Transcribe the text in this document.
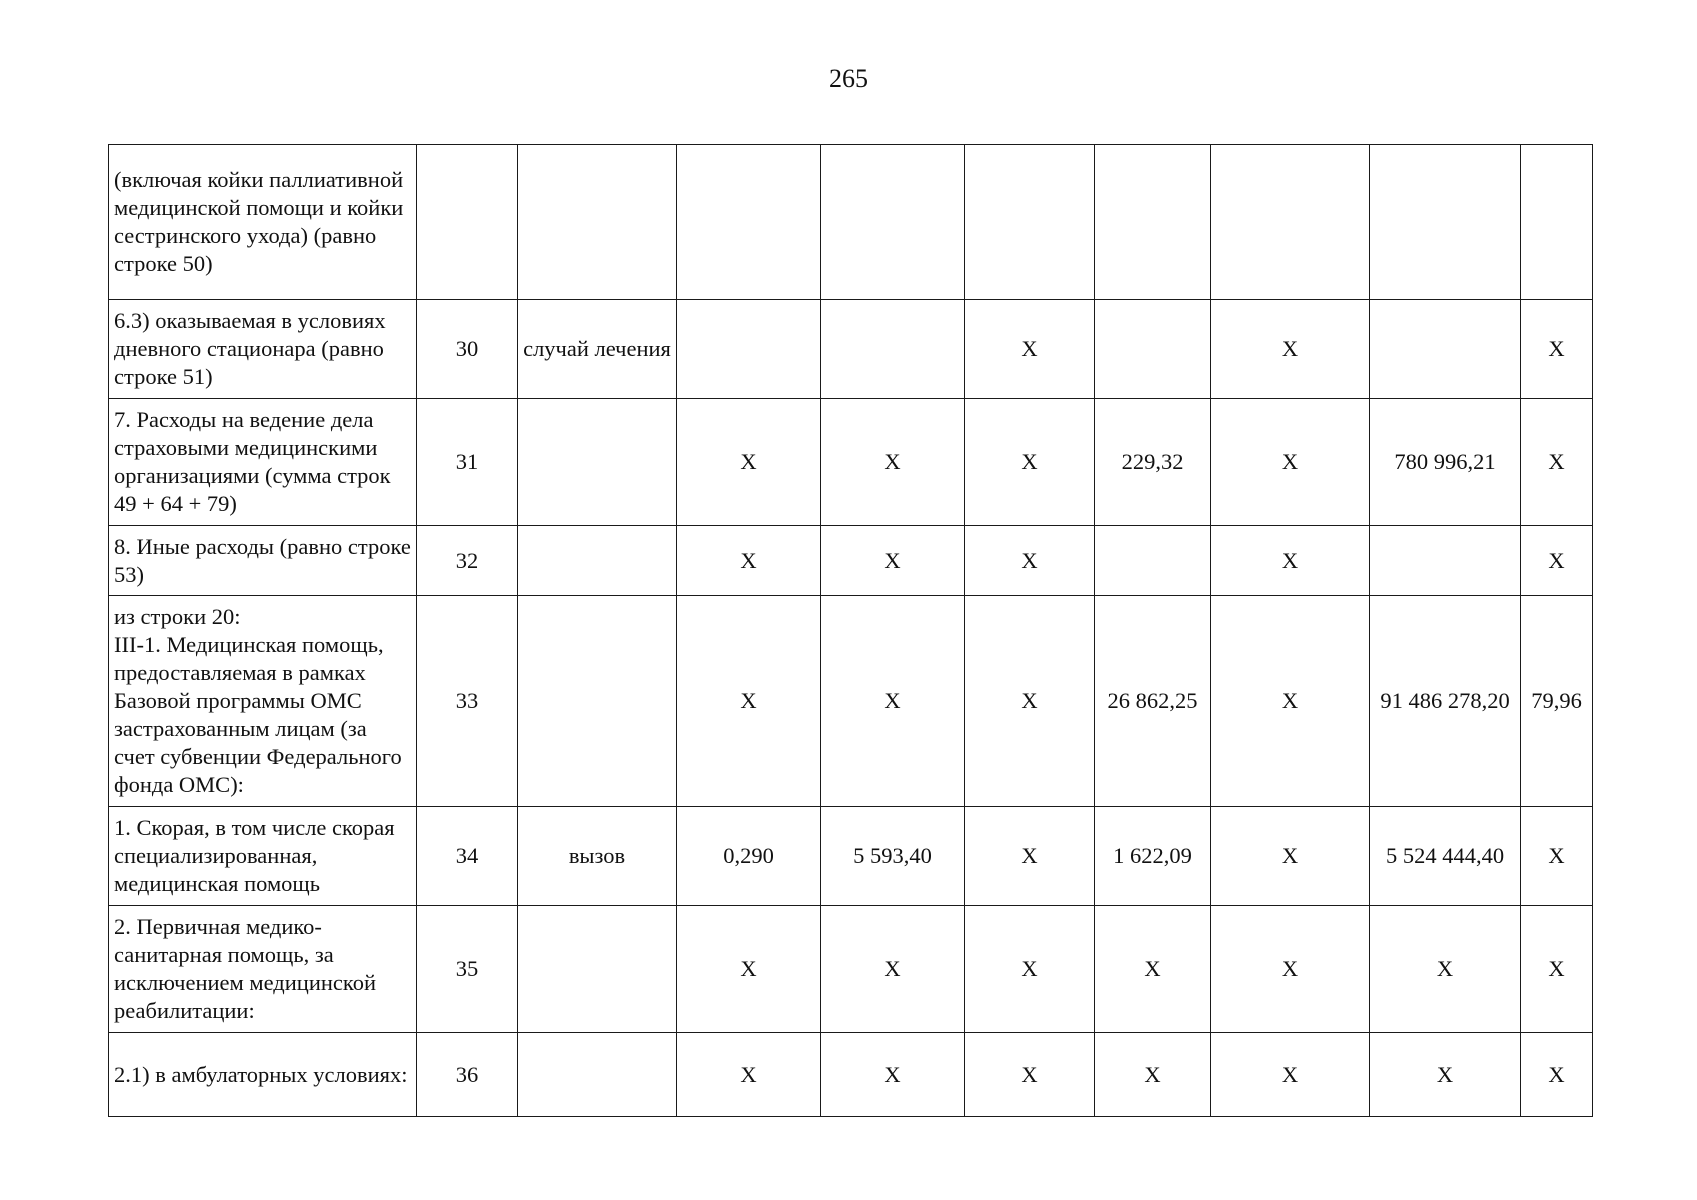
265
(включая койки паллиативной медицинской помощи и койки сестринского ухода) (равно строке 50)									
6.3) оказываемая в условиях дневного стационара (равно строке 51)	30	случай лечения			Х		Х		Х
7. Расходы на ведение дела страховыми медицинскими организациями (сумма строк 49 + 64 + 79)	31		Х	Х	Х	229,32	Х	780 996,21	Х
8. Иные расходы (равно строке 53)	32		Х	Х	Х		Х		Х
из строки 20:
III-1. Медицинская помощь, предоставляемая в рамках Базовой программы ОМС застрахованным лицам (за счет субвенции Федерального фонда ОМС):	33		Х	Х	Х	26 862,25	Х	91 486 278,20	79,96
1. Скорая, в том числе скорая специализированная, медицинская помощь	34	вызов	0,290	5 593,40	Х	1 622,09	Х	5 524 444,40	Х
2. Первичная медико-санитарная помощь, за исключением медицинской реабилитации:	35		Х	Х	Х	Х	Х	Х	Х
2.1) в амбулаторных условиях:	36		Х	Х	Х	Х	Х	Х	Х
